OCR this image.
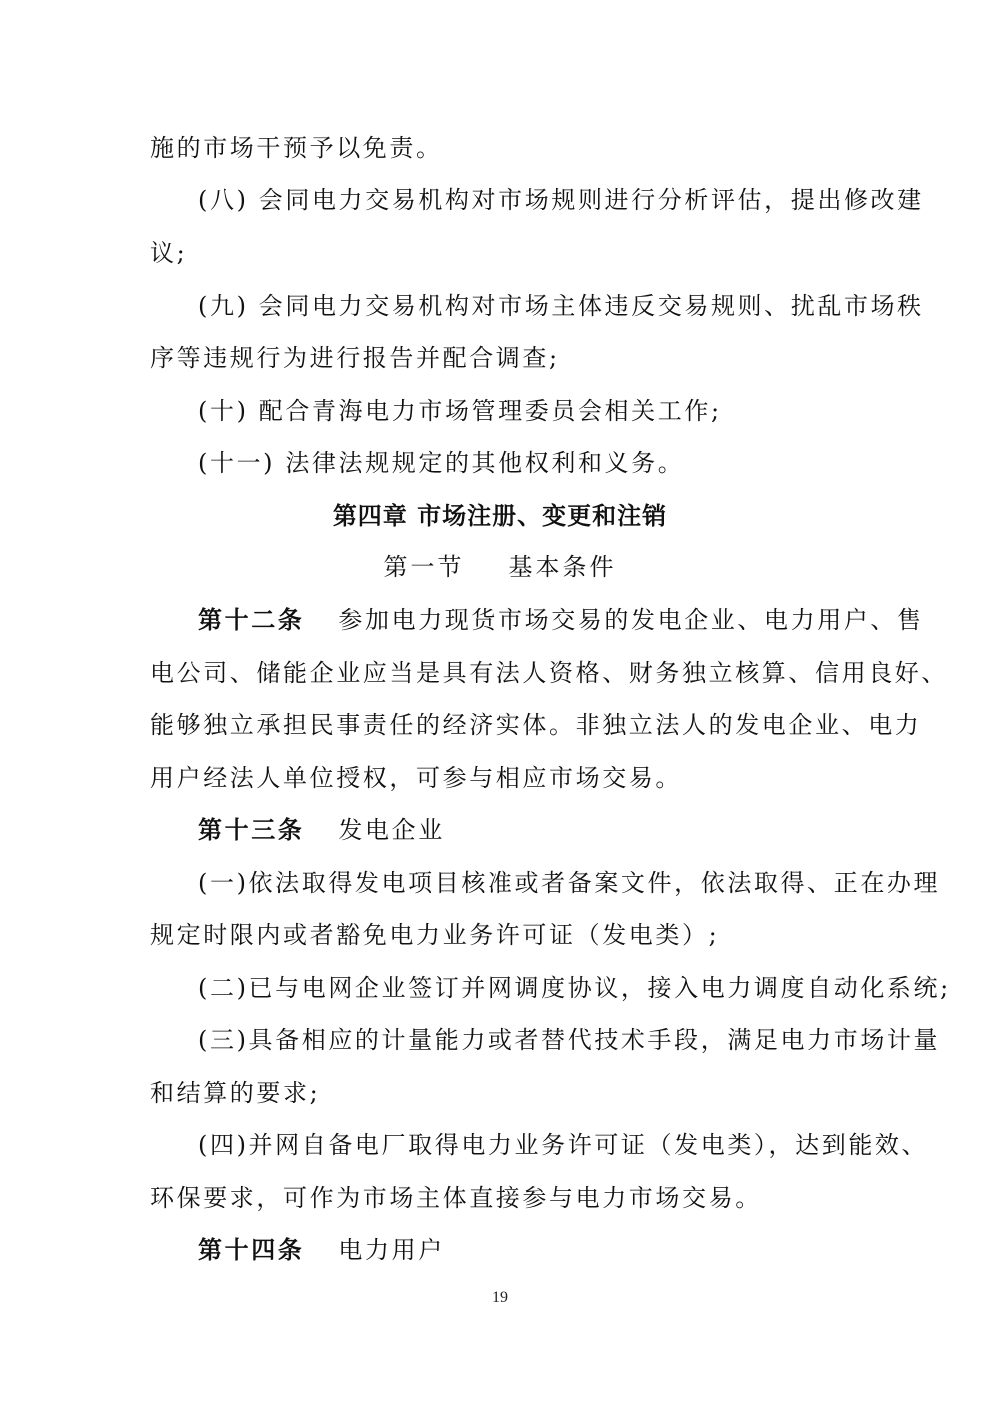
施的市场干预予以免责。
(八) 会同电力交易机构对市场规则进行分析评估，提出修改建
议;
(九) 会同电力交易机构对市场主体违反交易规则、扰乱市场秩
序等违规行为进行报告并配合调查;
(十) 配合青海电力市场管理委员会相关工作;
(十一) 法律法规规定的其他权利和义务。
第四章 市场注册、变更和注销
第一节 基本条件
第十二条 参加电力现货市场交易的发电企业、电力用户、售
电公司、储能企业应当是具有法人资格、财务独立核算、信用良好、
能够独立承担民事责任的经济实体。非独立法人的发电企业、电力
用户经法人单位授权，可参与相应市场交易。
第十三条 发电企业
(一)依法取得发电项目核准或者备案文件，依法取得、正在办理
规定时限内或者豁免电力业务许可证（发电类）;
(二)已与电网企业签订并网调度协议，接入电力调度自动化系统;
(三)具备相应的计量能力或者替代技术手段，满足电力市场计量
和结算的要求;
(四)并网自备电厂取得电力业务许可证（发电类），达到能效、
环保要求，可作为市场主体直接参与电力市场交易。
第十四条 电力用户
19
